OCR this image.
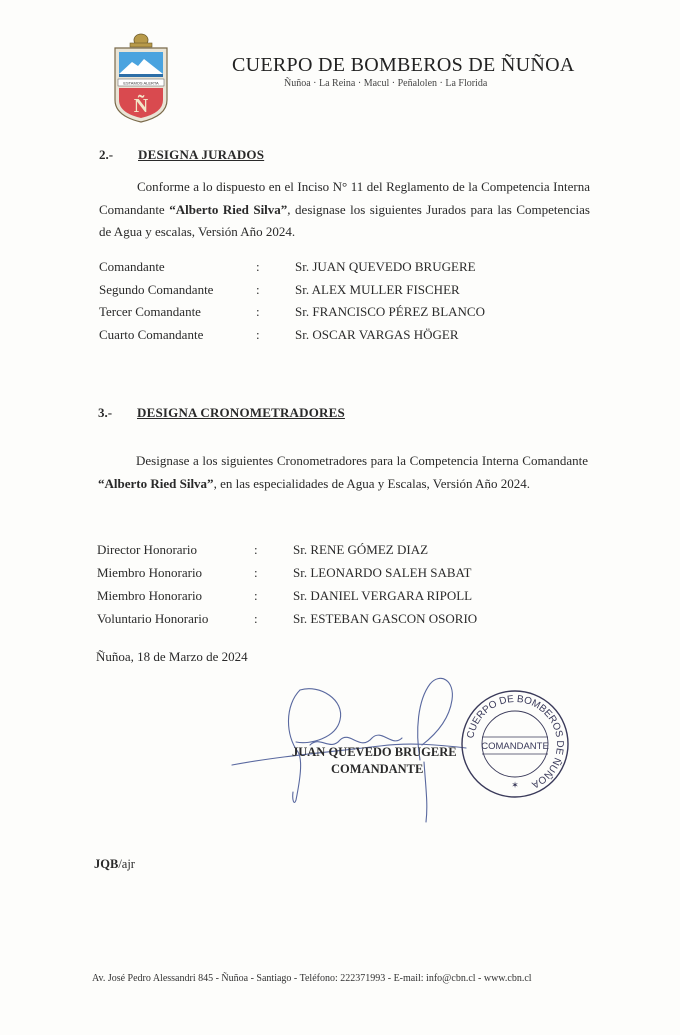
ESTAMOS ALERTA
Ñ
CUERPO DE BOMBEROS DE ÑUÑOA
Ñuñoa · La Reina · Macul · Peñalolen · La Florida
2.- DESIGNA JURADOS
Conforme a lo dispuesto en el Inciso N° 11 del Reglamento de la Competencia Interna Comandante “Alberto Ried Silva”, designase los siguientes Jurados para las Competencias de Agua y escalas, Versión Año 2024.
Comandante	:	Sr. JUAN QUEVEDO BRUGERE
Segundo Comandante	:	Sr. ALEX MULLER FISCHER
Tercer Comandante	:	Sr. FRANCISCO PÉREZ BLANCO
Cuarto Comandante	:	Sr. OSCAR VARGAS HÖGER
3.- DESIGNA CRONOMETRADORES
Designase a los siguientes Cronometradores para la Competencia Interna Comandante “Alberto Ried Silva”, en las especialidades de Agua y Escalas, Versión Año 2024.
Director Honorario	:	Sr. RENE GÓMEZ DIAZ
Miembro Honorario	:	Sr. LEONARDO SALEH SABAT
Miembro Honorario	:	Sr. DANIEL VERGARA RIPOLL
Voluntario Honorario	:	Sr. ESTEBAN GASCON OSORIO
Ñuñoa, 18 de Marzo de 2024
CUERPO DE BOMBEROS DE ÑUÑOA
COMANDANTE
✶
JUAN QUEVEDO BRUGERE
COMANDANTE
JQB/ajr
Av. José Pedro Alessandri 845 - Ñuñoa - Santiago - Teléfono: 222371993 - E-mail: info@cbn.cl - www.cbn.cl
